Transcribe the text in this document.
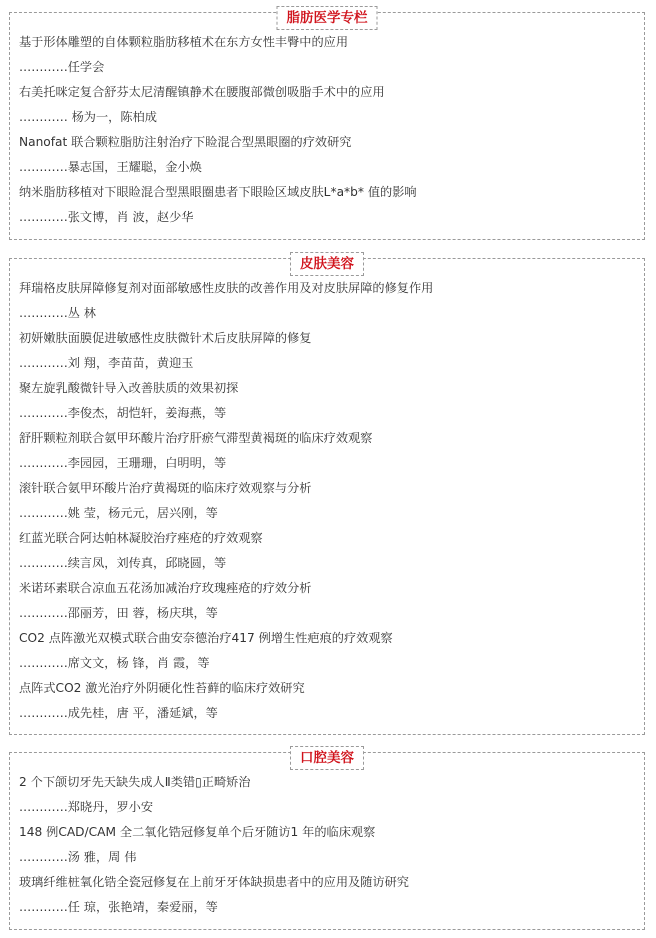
脂肪医学专栏
基于形体雕塑的自体颗粒脂肪移植术在东方女性丰臀中的应用
…………任学会
右美托咪定复合舒芬太尼清醒镇静术在腰腹部微创吸脂手术中的应用
………… 杨为一，陈柏成
Nanofat 联合颗粒脂肪注射治疗下睑混合型黑眼圈的疗效研究
…………暴志国，王耀聪，金小焕
纳米脂肪移植对下眼睑混合型黑眼圈患者下眼睑区域皮肤L*a*b* 值的影响
…………张文博，肖 波，赵少华
皮肤美容
拜瑞格皮肤屏障修复剂对面部敏感性皮肤的改善作用及对皮肤屏障的修复作用
…………丛 林
初妍嫩肤面膜促进敏感性皮肤微针术后皮肤屏障的修复
…………刘 翔，李苗苗，黄迎玉
聚左旋乳酸微针导入改善肤质的效果初探
…………李俊杰，胡恺轩，姜海燕，等
舒肝颗粒剂联合氨甲环酸片治疗肝瘀气滞型黄褐斑的临床疗效观察
…………李园园，王珊珊，白明明，等
滚针联合氨甲环酸片治疗黄褐斑的临床疗效观察与分析
…………姚 莹，杨元元，居兴刚，等
红蓝光联合阿达帕林凝胶治疗痤疮的疗效观察
…………续言凤，刘传真，邱晓圆，等
米诺环素联合凉血五花汤加减治疗玫瑰痤疮的疗效分析
…………邵丽芳，田 蓉，杨庆琪，等
CO2 点阵激光双模式联合曲安奈德治疗417 例增生性疤痕的疗效观察
…………席文文，杨 锋，肖 霞，等
点阵式CO2 激光治疗外阴硬化性苔藓的临床疗效研究
…………成先桂，唐 平，潘延斌，等
口腔美容
2 个下颌切牙先天缺失成人Ⅱ类错▯正畸矫治
…………郑晓丹，罗小安
148 例CAD/CAM 全二氧化锆冠修复单个后牙随访1 年的临床观察
…………汤 雅，周 伟
玻璃纤维桩氧化锆全瓷冠修复在上前牙牙体缺损患者中的应用及随访研究
…………任 琼，张艳靖，秦爱丽，等
